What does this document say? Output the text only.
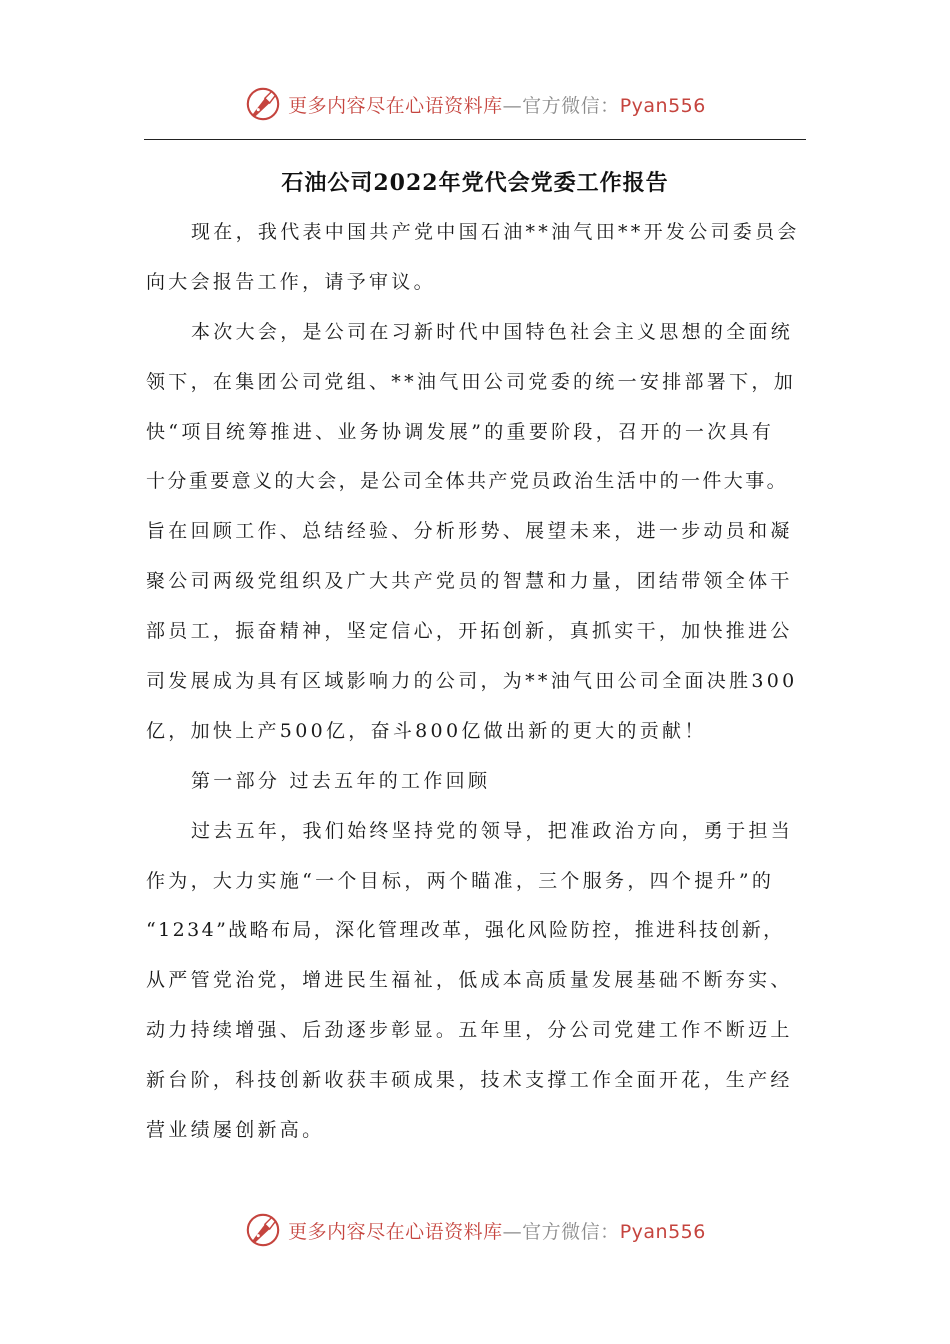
更多内容尽在心语资料库—官方微信：Pyan556
石油公司2022年党代会党委工作报告
现在，我代表中国共产党中国石油**油气田**开发公司委员会
向大会报告工作，请予审议。
本次大会，是公司在习新时代中国特色社会主义思想的全面统
领下，在集团公司党组、**油气田公司党委的统一安排部署下，加
快“项目统筹推进、业务协调发展”的重要阶段，召开的一次具有
十分重要意义的大会，是公司全体共产党员政治生活中的一件大事。
旨在回顾工作、总结经验、分析形势、展望未来，进一步动员和凝
聚公司两级党组织及广大共产党员的智慧和力量，团结带领全体干
部员工，振奋精神，坚定信心，开拓创新，真抓实干，加快推进公
司发展成为具有区域影响力的公司，为**油气田公司全面决胜300
亿，加快上产500亿，奋斗800亿做出新的更大的贡献！
第一部分 过去五年的工作回顾
过去五年，我们始终坚持党的领导，把准政治方向，勇于担当
作为，大力实施“一个目标，两个瞄准，三个服务，四个提升”的
“1234”战略布局，深化管理改革，强化风险防控，推进科技创新，
从严管党治党，增进民生福祉，低成本高质量发展基础不断夯实、
动力持续增强、后劲逐步彰显。五年里，分公司党建工作不断迈上
新台阶，科技创新收获丰硕成果，技术支撑工作全面开花，生产经
营业绩屡创新高。
更多内容尽在心语资料库—官方微信：Pyan556
